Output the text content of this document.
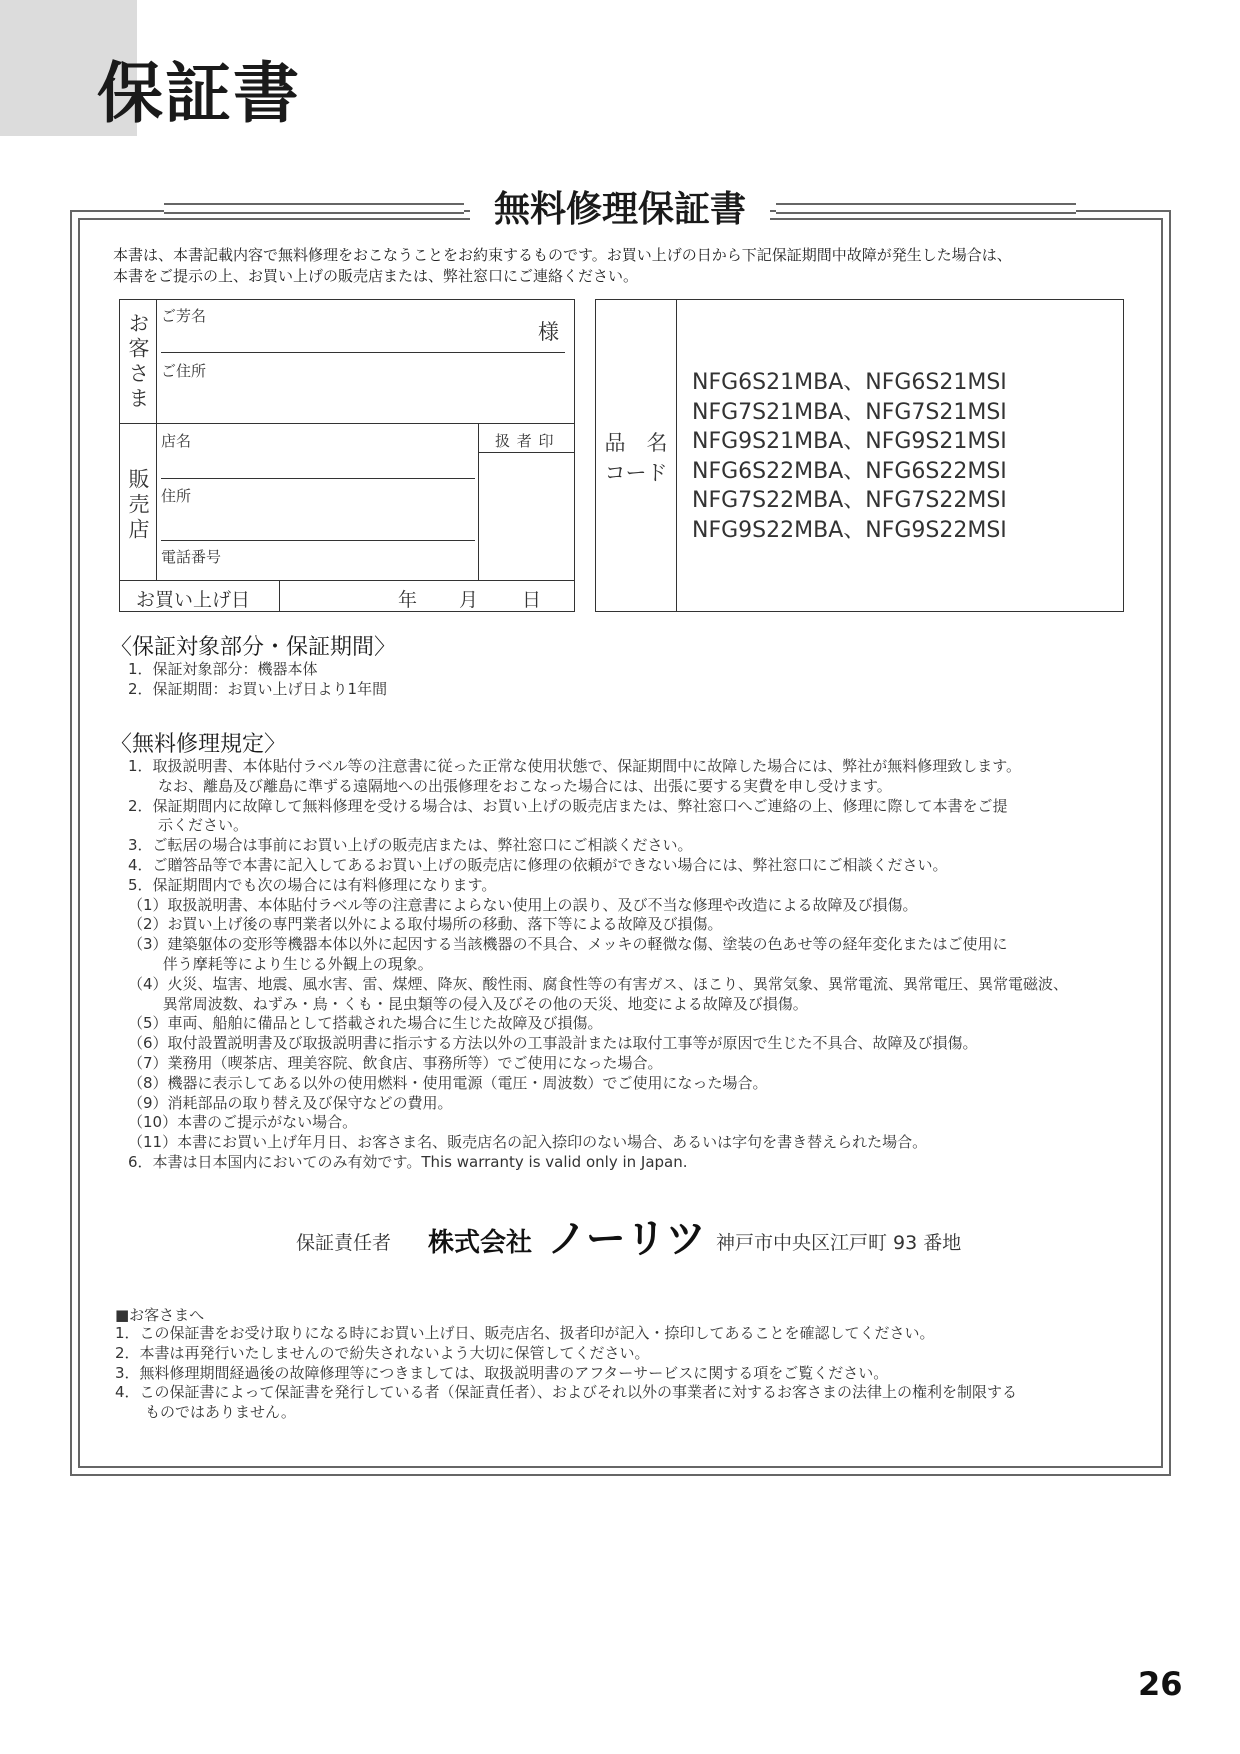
保証書
無料修理保証書

本書は、本書記載内容で無料修理をおこなうことをお約束するものです。お買い上げの日から下記保証期間中故障が発生した場合は、

本書をご提示の上、お買い上げの販売店または、弊社窓口にご連絡ください。

お客さま ご芳名
様
ご住所
販売店
店名
住所
電話番号
扱 者 印
お買い上げ日	年 月 日
品　名
コード
NFG6S21MBA、NFG6S21MSI
NFG7S21MBA、NFG7S21MSI
NFG9S21MBA、NFG9S21MSI
NFG6S22MBA、NFG6S22MSI
NFG7S22MBA、NFG7S22MSI
NFG9S22MBA、NFG9S22MSI
〈保証対象部分・保証期間〉
1．保証対象部分：機器本体
2．保証期間：お買い上げ日より1年間
〈無料修理規定〉
1．取扱説明書、本体貼付ラベル等の注意書に従った正常な使用状態で、保証期間中に故障した場合には、弊社が無料修理致します。
　　なお、離島及び離島に準ずる遠隔地への出張修理をおこなった場合には、出張に要する実費を申し受けます。
2．保証期間内に故障して無料修理を受ける場合は、お買い上げの販売店または、弊社窓口へご連絡の上、修理に際して本書をご提
　　示ください。
3．ご転居の場合は事前にお買い上げの販売店または、弊社窓口にご相談ください。
4．ご贈答品等で本書に記入してあるお買い上げの販売店に修理の依頼ができない場合には、弊社窓口にご相談ください。
5．保証期間内でも次の場合には有料修理になります。
（1）取扱説明書、本体貼付ラベル等の注意書によらない使用上の誤り、及び不当な修理や改造による故障及び損傷。
（2）お買い上げ後の専門業者以外による取付場所の移動、落下等による故障及び損傷。
（3）建築躯体の変形等機器本体以外に起因する当該機器の不具合、メッキの軽微な傷、塗装の色あせ等の経年変化またはご使用に
　　 伴う摩耗等により生じる外観上の現象。
（4）火災、塩害、地震、風水害、雷、煤煙、降灰、酸性雨、腐食性等の有害ガス、ほこり、異常気象、異常電流、異常電圧、異常電磁波、
　　 異常周波数、ねずみ・鳥・くも・昆虫類等の侵入及びその他の天災、地変による故障及び損傷。
（5）車両、船舶に備品として搭載された場合に生じた故障及び損傷。
（6）取付設置説明書及び取扱説明書に指示する方法以外の工事設計または取付工事等が原因で生じた不具合、故障及び損傷。
（7）業務用（喫茶店、理美容院、飲食店、事務所等）でご使用になった場合。
（8）機器に表示してある以外の使用燃料・使用電源（電圧・周波数）でご使用になった場合。
（9）消耗部品の取り替え及び保守などの費用。
（10）本書のご提示がない場合。
（11）本書にお買い上げ年月日、お客さま名、販売店名の記入捺印のない場合、あるいは字句を書き替えられた場合。
6．本書は日本国内においてのみ有効です。This warranty is valid only in Japan.
保証責任者 株式会社 ノーリツ 神戸市中央区江戸町 93 番地
■お客さまへ
1．この保証書をお受け取りになる時にお買い上げ日、販売店名、扱者印が記入・捺印してあることを確認してください。
2．本書は再発行いたしませんので紛失されないよう大切に保管してください。
3．無料修理期間経過後の故障修理等につきましては、取扱説明書のアフターサービスに関する項をご覧ください。
4．この保証書によって保証書を発行している者（保証責任者）、およびそれ以外の事業者に対するお客さまの法律上の権利を制限する
　　ものではありません。
26
